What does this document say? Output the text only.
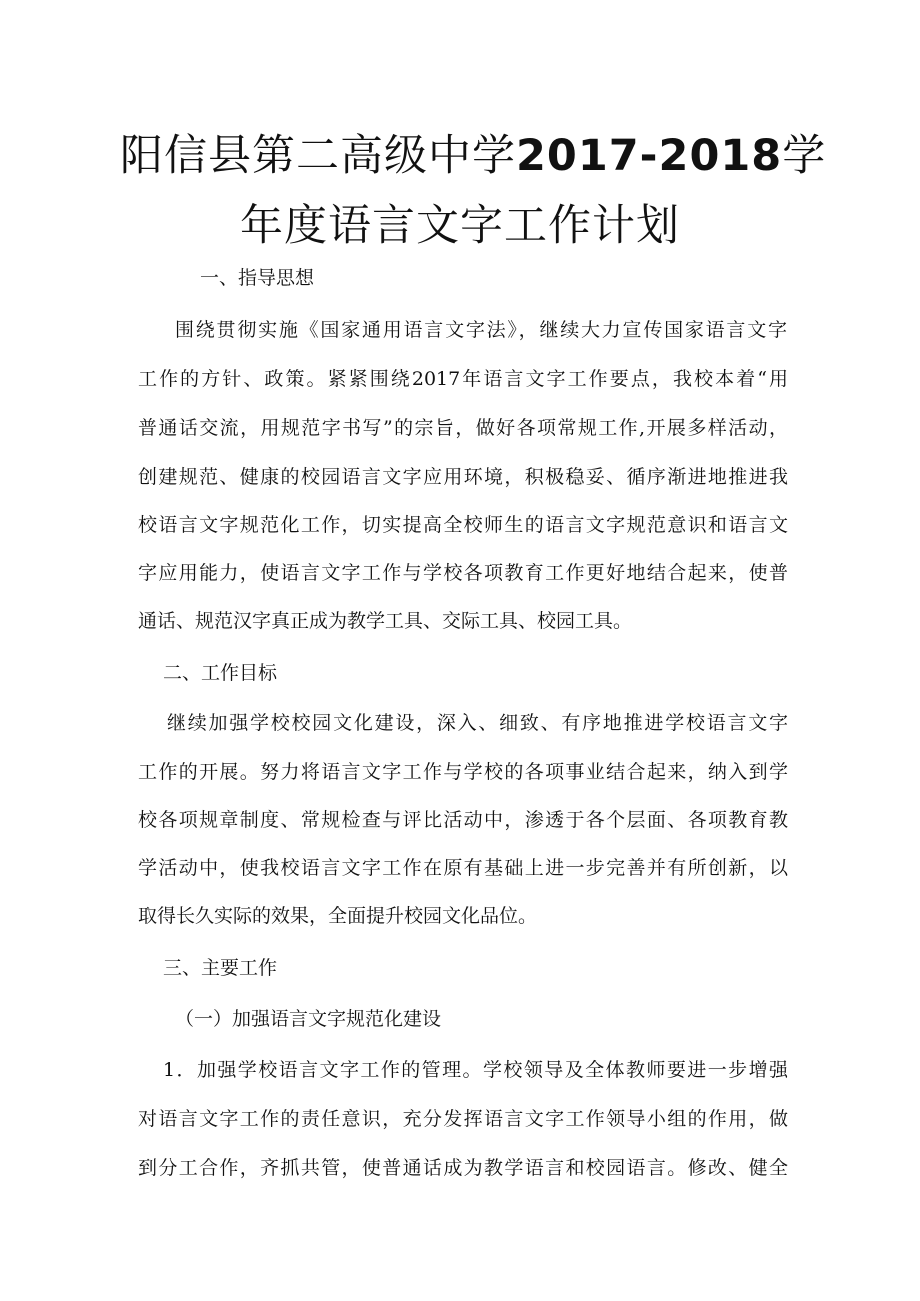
阳信县第二高级中学2017-2018学
年度语言文字工作计划

一、指导思想

围绕贯彻实施《国家通用语言文字法》，继续大力宣传国家语言文字

工作的方针、政策。紧紧围绕2017年语言文字工作要点，我校本着“用

普通话交流，用规范字书写”的宗旨，做好各项常规工作,开展多样活动，

创建规范、健康的校园语言文字应用环境，积极稳妥、循序渐进地推进我

校语言文字规范化工作，切实提高全校师生的语言文字规范意识和语言文

字应用能力，使语言文字工作与学校各项教育工作更好地结合起来，使普

通话、规范汉字真正成为教学工具、交际工具、校园工具。

二、工作目标

继续加强学校校园文化建设，深入、细致、有序地推进学校语言文字

工作的开展。努力将语言文字工作与学校的各项事业结合起来，纳入到学

校各项规章制度、常规检查与评比活动中，渗透于各个层面、各项教育教

学活动中，使我校语言文字工作在原有基础上进一步完善并有所创新，以

取得长久实际的效果，全面提升校园文化品位。

三、主要工作

（一）加强语言文字规范化建设

1．加强学校语言文字工作的管理。学校领导及全体教师要进一步增强

对语言文字工作的责任意识，充分发挥语言文字工作领导小组的作用，做

到分工合作，齐抓共管，使普通话成为教学语言和校园语言。修改、健全
